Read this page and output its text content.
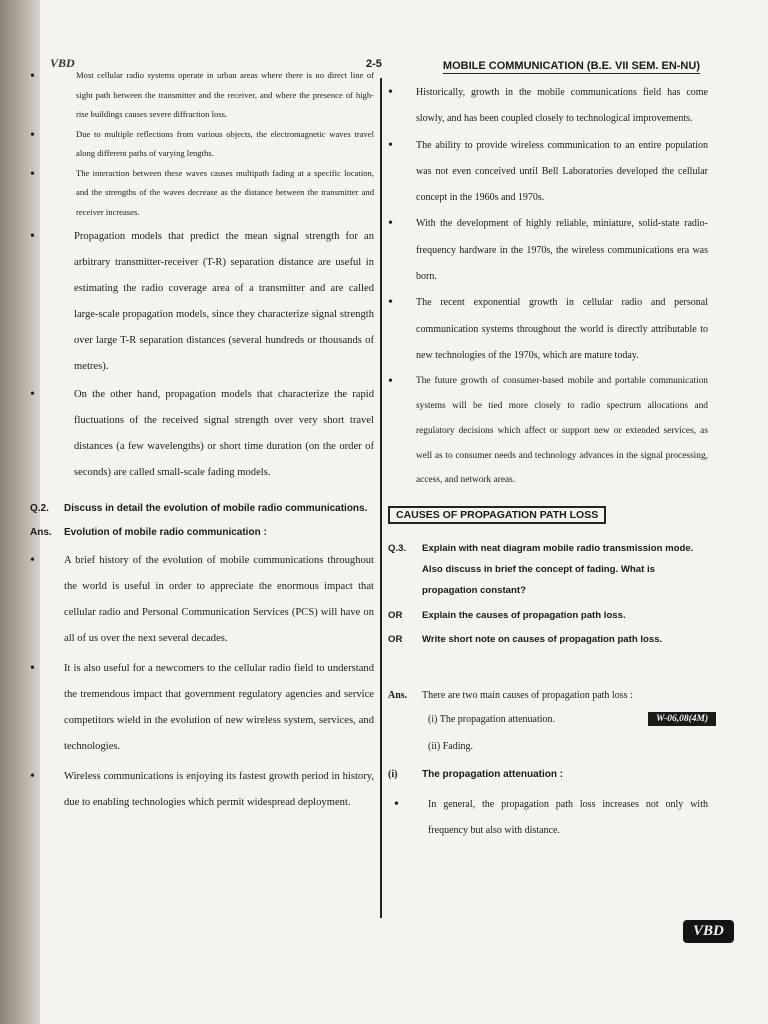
VBD	2-5	MOBILE COMMUNICATION (B.E. VII SEM. EN-NU)
•	Most cellular radio systems operate in urban areas where there is no direct line of sight path between the transmitter and the receiver, and where the presence of high-rise buildings causes severe diffraction loss.
•	Due to multiple reflections from various objects, the electromagnetic waves travel along different paths of varying lengths.
•	The interaction between these waves causes multipath fading at a specific location, and the strengths of the waves decrease as the distance between the transmitter and receiver increases.
•	Propagation models that predict the mean signal strength for an arbitrary transmitter-receiver (T-R) separation distance are useful in estimating the radio coverage area of a transmitter and are called large-scale propagation models, since they characterize signal strength over large T-R separation distances (several hundreds or thousands of metres).
•	On the other hand, propagation models that characterize the rapid fluctuations of the received signal strength over very short travel distances (a few wavelengths) or short time duration (on the order of seconds) are called small-scale fading models.
Q.2. Discuss in detail the evolution of mobile radio communications.
Ans. Evolution of mobile radio communication :
•	A brief history of the evolution of mobile communications throughout the world is useful in order to appreciate the enormous impact that cellular radio and Personal Communication Services (PCS) will have on all of us over the next several decades.
•	It is also useful for a newcomers to the cellular radio field to understand the tremendous impact that government regulatory agencies and service competitors wield in the evolution of new wireless system, services, and technologies.
•	Wireless communications is enjoying its fastest growth period in history, due to enabling technologies which permit widespread deployment.
• Historically, growth in the mobile communications field has come slowly, and has been coupled closely to technological improvements.
• The ability to provide wireless communication to an entire population was not even conceived until Bell Laboratories developed the cellular concept in the 1960s and 1970s.
• With the development of highly reliable, miniature, solid-state radio-frequency hardware in the 1970s, the wireless communications era was born.
• The recent exponential growth in cellular radio and personal communication systems throughout the world is directly attributable to new technologies of the 1970s, which are mature today.
• The future growth of consumer-based mobile and portable communication systems will be tied more closely to radio spectrum allocations and regulatory decisions which affect or support new or extended services, as well as to consumer needs and technology advances in the signal processing, access, and network areas.
CAUSES OF PROPAGATION PATH LOSS
Q.3. Explain with neat diagram mobile radio transmission mode. Also discuss in brief the concept of fading. What is propagation constant?
OR Explain the causes of propagation path loss.
OR Write short note on causes of propagation path loss.
Ans. There are two main causes of propagation path loss :
(i) The propagation attenuation.
(ii) Fading.
(i) The propagation attenuation :
•	In general, the propagation path loss increases not only with frequency but also with distance.
W-06,08(4M)
VBD
